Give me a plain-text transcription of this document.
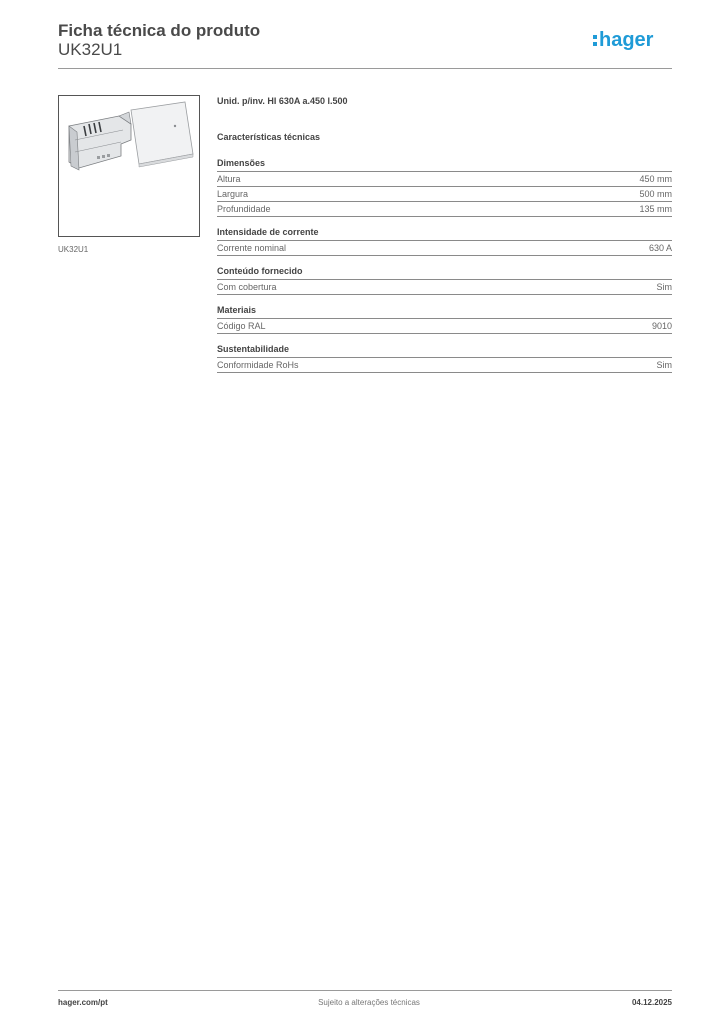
Ficha técnica do produto
UK32U1	hager
UK32U1
Unid. p/inv. HI 630A a.450 l.500
Características técnicas
Dimensões
Altura	450 mm
Largura	500 mm
Profundidade	135 mm
Intensidade de corrente
Corrente nominal	630 A
Conteúdo fornecido
Com cobertura	Sim
Materiais
Código RAL	9010
Sustentabilidade
Conformidade RoHs	Sim
hager.com/pt	Sujeito a alterações técnicas	04.12.2025
